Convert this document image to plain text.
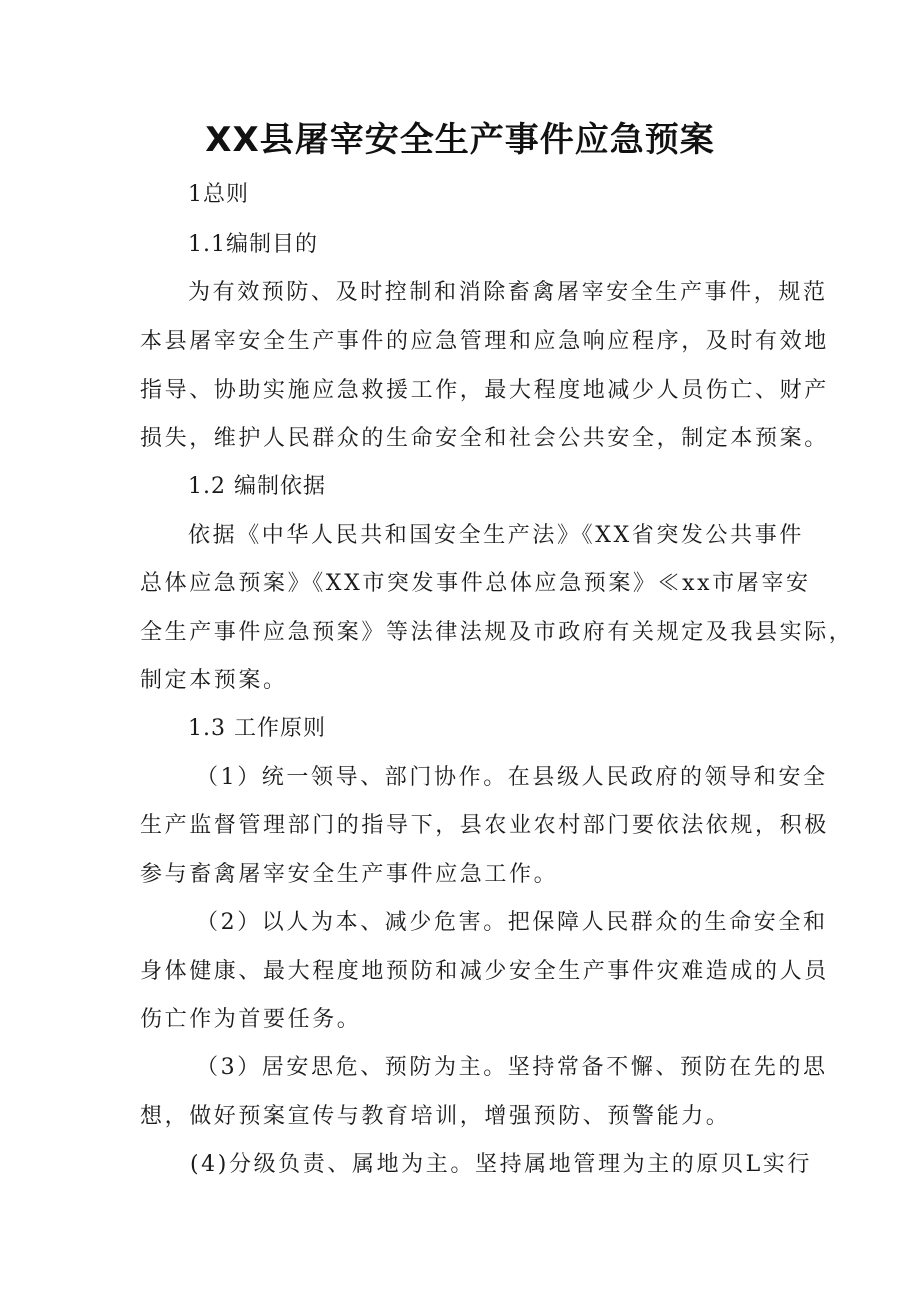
XX县屠宰安全生产事件应急预案
1总则
1.1编制目的
为有效预防、及时控制和消除畜禽屠宰安全生产事件，规范
本县屠宰安全生产事件的应急管理和应急响应程序，及时有效地
指导、协助实施应急救援工作，最大程度地减少人员伤亡、财产
损失，维护人民群众的生命安全和社会公共安全，制定本预案。
1.2 编制依据
依据《中华人民共和国安全生产法》《XX省突发公共事件
总体应急预案》《XX市突发事件总体应急预案》≪xx市屠宰安
全生产事件应急预案》等法律法规及市政府有关规定及我县实际，
制定本预案。
1.3 工作原则
（1）统一领导、部门协作。在县级人民政府的领导和安全
生产监督管理部门的指导下，县农业农村部门要依法依规，积极
参与畜禽屠宰安全生产事件应急工作。
（2）以人为本、减少危害。把保障人民群众的生命安全和
身体健康、最大程度地预防和减少安全生产事件灾难造成的人员
伤亡作为首要任务。
（3）居安思危、预防为主。坚持常备不懈、预防在先的思
想，做好预案宣传与教育培训，增强预防、预警能力。
(4)分级负责、属地为主。坚持属地管理为主的原贝L实行
